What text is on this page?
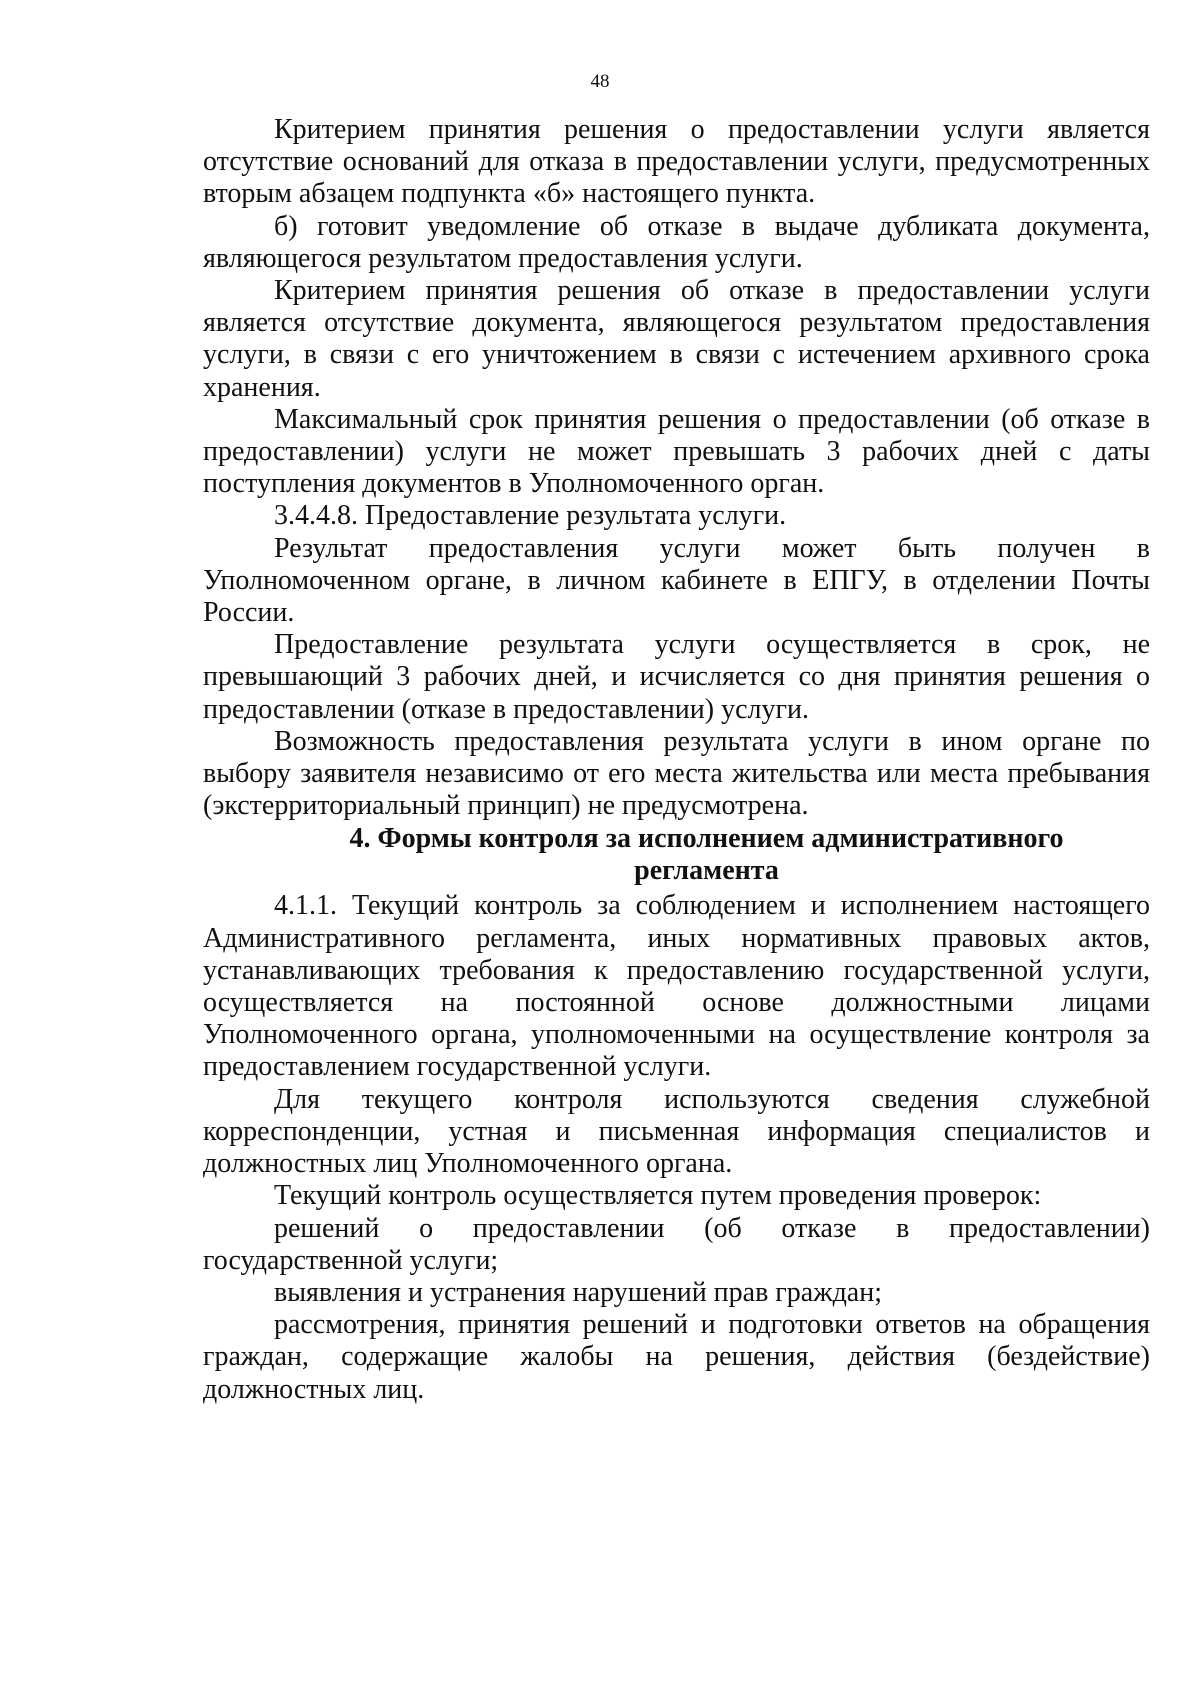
48

Критерием принятия решения о предоставлении услуги является отсутствие оснований для отказа в предоставлении услуги, предусмотренных вторым абзацем подпункта «б» настоящего пункта.

б) готовит уведомление об отказе в выдаче дубликата документа, являющегося результатом предоставления услуги.

Критерием принятия решения об отказе в предоставлении услуги является отсутствие документа, являющегося результатом предоставления услуги, в связи с его уничтожением в связи с истечением архивного срока хранения.

Максимальный срок принятия решения о предоставлении (об отказе в предоставлении) услуги не может превышать 3 рабочих дней с даты поступления документов в Уполномоченного орган.

3.4.4.8. Предоставление результата услуги.

Результат предоставления услуги может быть получен в Уполномоченном органе, в личном кабинете в ЕПГУ, в отделении Почты России.

Предоставление результата услуги осуществляется в срок, не превышающий 3 рабочих дней, и исчисляется со дня принятия решения о предоставлении (отказе в предоставлении) услуги.

Возможность предоставления результата услуги в ином органе по выбору заявителя независимо от его места жительства или места пребывания (экстерриториальный принцип) не предусмотрена.

4. Формы контроля за исполнением административного
регламента

4.1.1. Текущий контроль за соблюдением и исполнением настоящего Административного регламента, иных нормативных правовых актов, устанавливающих требования к предоставлению государственной услуги, осуществляется на постоянной основе должностными лицами Уполномоченного органа, уполномоченными на осуществление контроля за предоставлением государственной услуги.

Для текущего контроля используются сведения служебной корреспонденции, устная и письменная информация специалистов и должностных лиц Уполномоченного органа.

Текущий контроль осуществляется путем проведения проверок:

решений о предоставлении (об отказе в предоставлении) государственной услуги;

выявления и устранения нарушений прав граждан;

рассмотрения, принятия решений и подготовки ответов на обращения граждан, содержащие жалобы на решения, действия (бездействие) должностных лиц.
